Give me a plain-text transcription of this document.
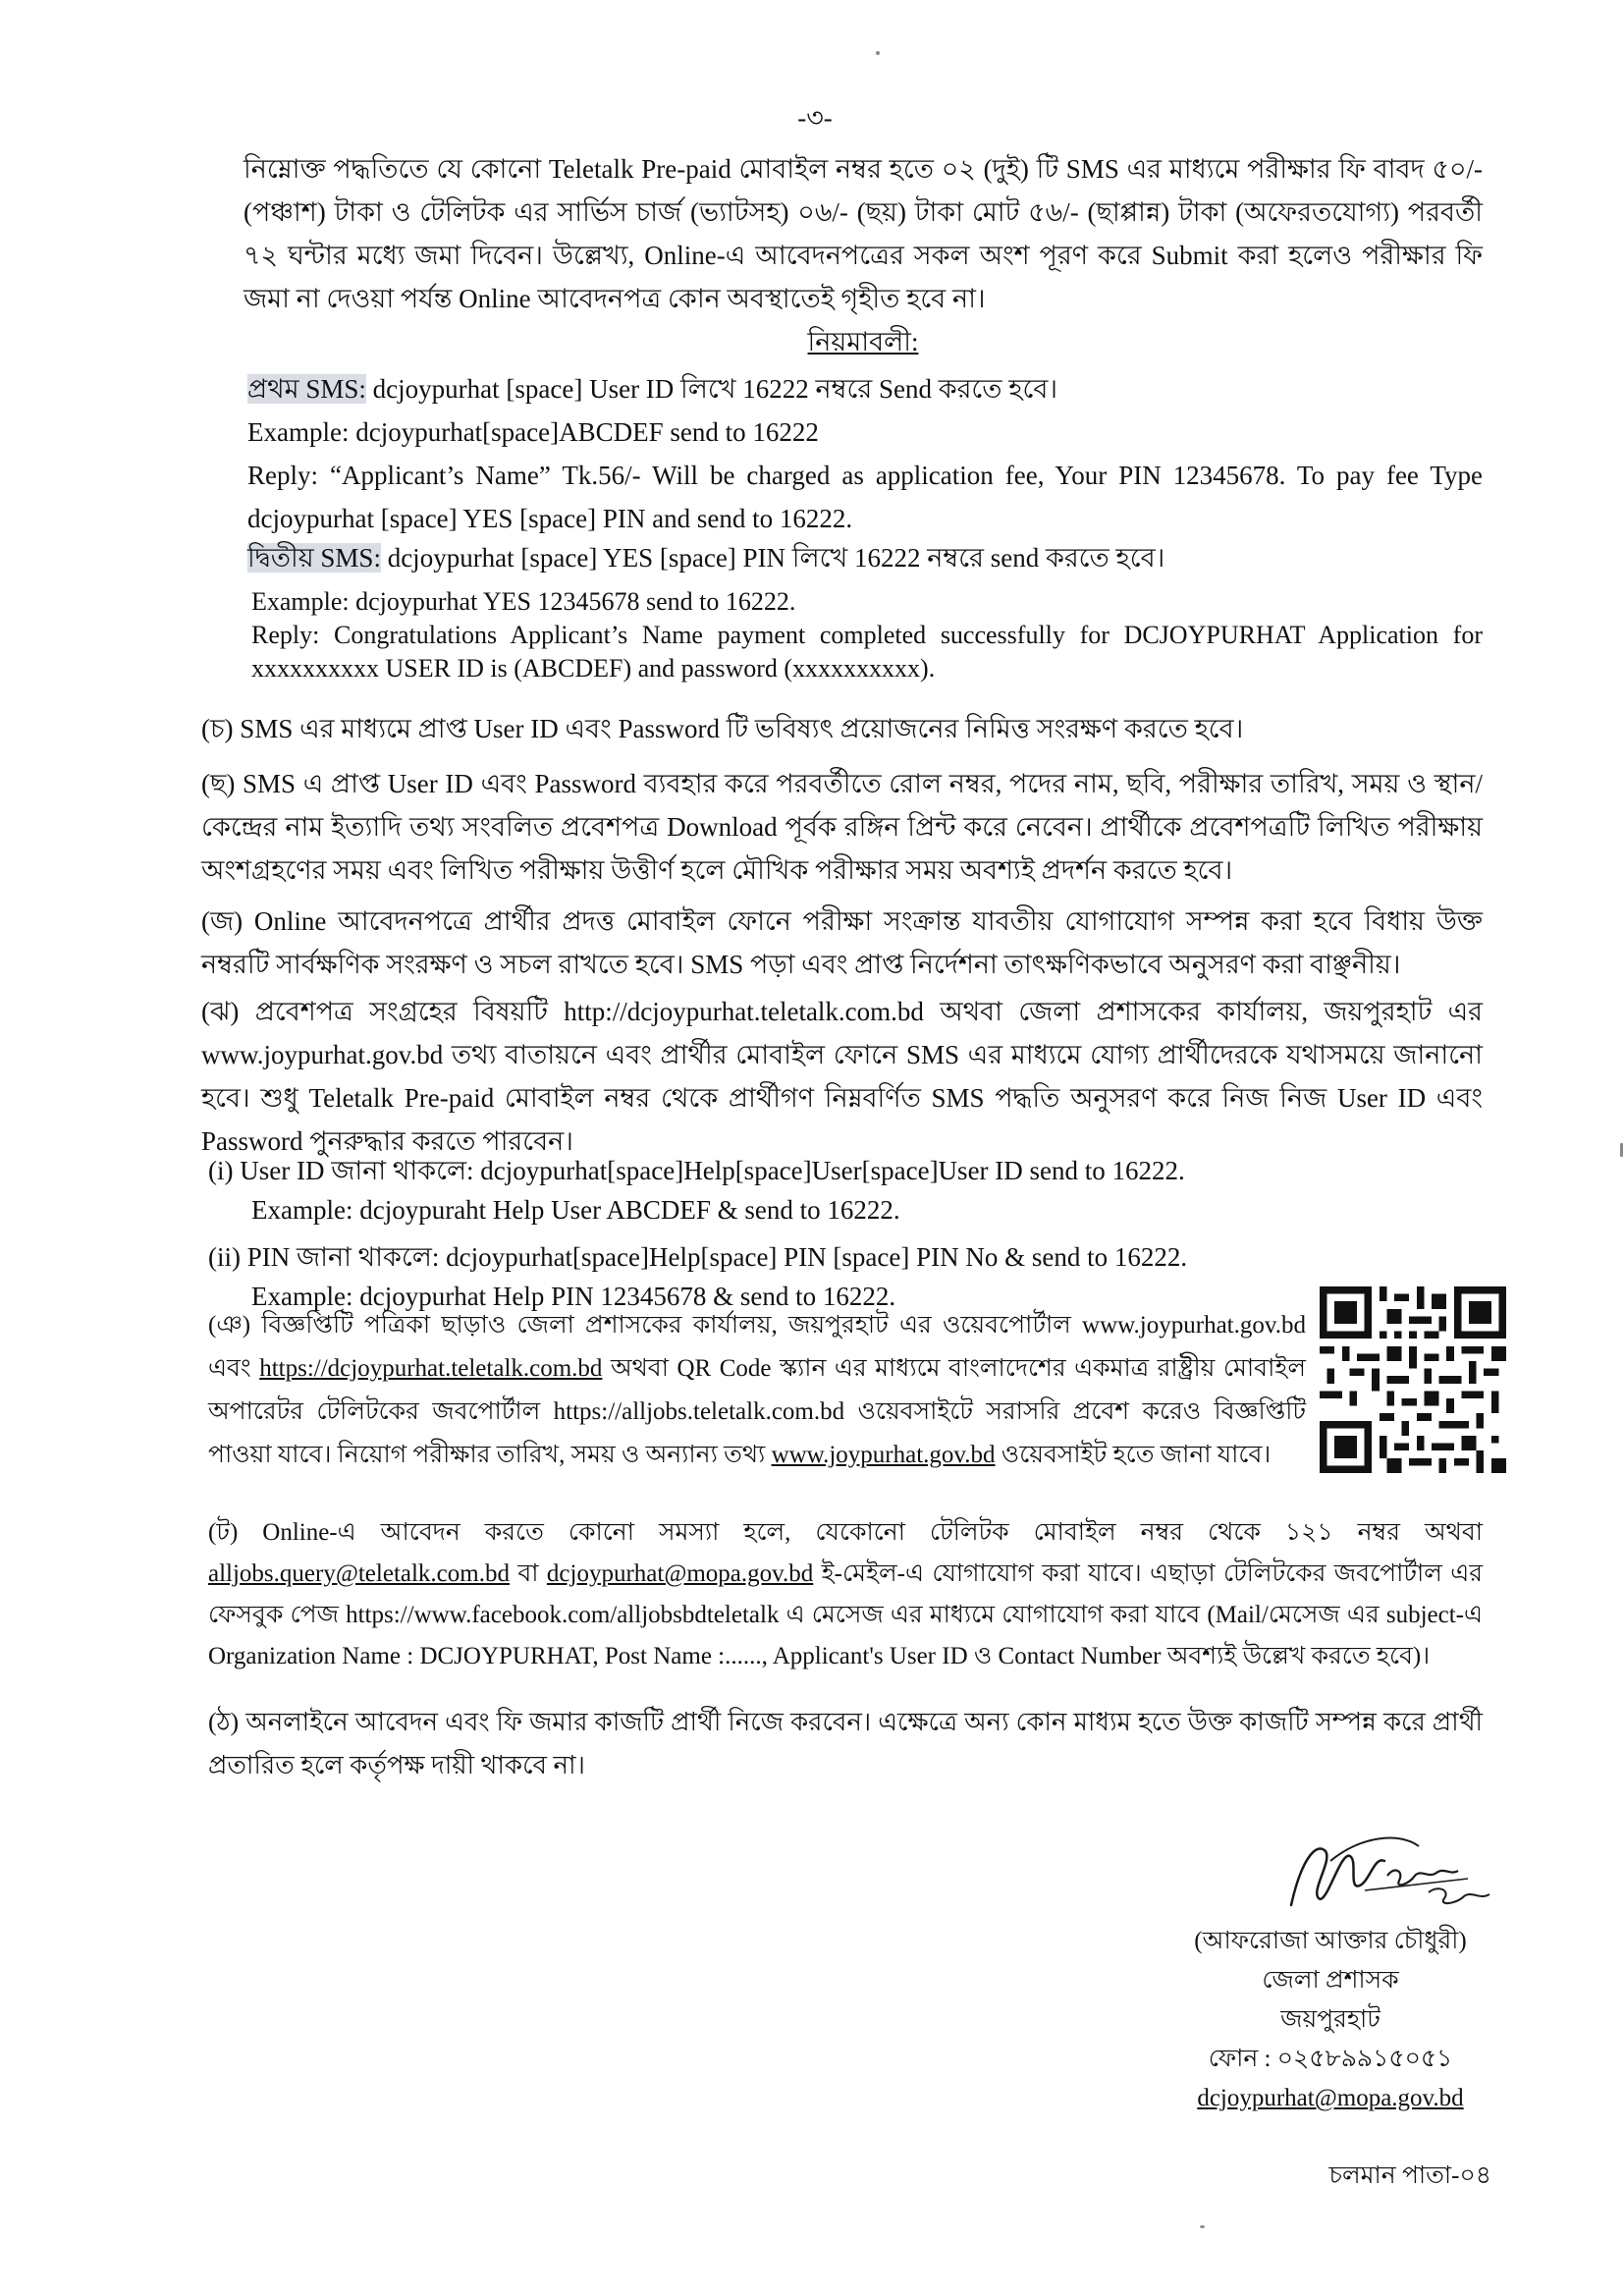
-৩-

নিম্নোক্ত পদ্ধতিতে যে কোনো Teletalk Pre-paid মোবাইল নম্বর হতে ০২ (দুই) টি SMS এর মাধ্যমে পরীক্ষার ফি বাবদ ৫০/-(পঞ্চাশ) টাকা ও টেলিটক এর সার্ভিস চার্জ (ভ্যাটসহ) ০৬/- (ছয়) টাকা মোট ৫৬/- (ছাপ্পান্ন) টাকা (অফেরতযোগ্য) পরবর্তী ৭২ ঘন্টার মধ্যে জমা দিবেন। উল্লেখ্য, Online-এ আবেদনপত্রের সকল অংশ পূরণ করে Submit করা হলেও পরীক্ষার ফি জমা না দেওয়া পর্যন্ত Online আবেদনপত্র কোন অবস্থাতেই গৃহীত হবে না।

নিয়মাবলী:

প্রথম SMS: dcjoypurhat [space] User ID লিখে 16222 নম্বরে Send করতে হবে।

Example: dcjoypurhat[space]ABCDEF send to 16222

Reply: “Applicant’s Name” Tk.56/- Will be charged as application fee, Your PIN 12345678. To pay fee Type dcjoypurhat [space] YES [space] PIN and send to 16222.

দ্বিতীয় SMS: dcjoypurhat [space] YES [space] PIN লিখে 16222 নম্বরে send করতে হবে।

Example: dcjoypurhat YES 12345678 send to 16222.

Reply: Congratulations Applicant’s Name payment completed successfully for DCJOYPURHAT Application for xxxxxxxxxx USER ID is (ABCDEF) and password (xxxxxxxxxx).

(চ) SMS এর মাধ্যমে প্রাপ্ত User ID এবং Password টি ভবিষ্যৎ প্রয়োজনের নিমিত্ত সংরক্ষণ করতে হবে।

(ছ) SMS এ প্রাপ্ত User ID এবং Password ব্যবহার করে পরবর্তীতে রোল নম্বর, পদের নাম, ছবি, পরীক্ষার তারিখ, সময় ও স্থান/কেন্দ্রের নাম ইত্যাদি তথ্য সংবলিত প্রবেশপত্র Download পূর্বক রঙ্গিন প্রিন্ট করে নেবেন। প্রার্থীকে প্রবেশপত্রটি লিখিত পরীক্ষায় অংশগ্রহণের সময় এবং লিখিত পরীক্ষায় উত্তীর্ণ হলে মৌখিক পরীক্ষার সময় অবশ্যই প্রদর্শন করতে হবে।

(জ) Online আবেদনপত্রে প্রার্থীর প্রদত্ত মোবাইল ফোনে পরীক্ষা সংক্রান্ত যাবতীয় যোগাযোগ সম্পন্ন করা হবে বিধায় উক্ত নম্বরটি সার্বক্ষণিক সংরক্ষণ ও সচল রাখতে হবে। SMS পড়া এবং প্রাপ্ত নির্দেশনা তাৎক্ষণিকভাবে অনুসরণ করা বাঞ্ছনীয়।

(ঝ) প্রবেশপত্র সংগ্রহের বিষয়টি http://dcjoypurhat.teletalk.com.bd অথবা জেলা প্রশাসকের কার্যালয়, জয়পুরহাট এর www.joypurhat.gov.bd তথ্য বাতায়নে এবং প্রার্থীর মোবাইল ফোনে SMS এর মাধ্যমে যোগ্য প্রার্থীদেরকে যথাসময়ে জানানো হবে। শুধু Teletalk Pre-paid মোবাইল নম্বর থেকে প্রার্থীগণ নিম্নবর্ণিত SMS পদ্ধতি অনুসরণ করে নিজ নিজ User ID এবং Password পুনরুদ্ধার করতে পারবেন।

(i) User ID জানা থাকলে: dcjoypurhat[space]Help[space]User[space]User ID send to 16222.

Example: dcjoypuraht Help User ABCDEF & send to 16222.

(ii) PIN জানা থাকলে: dcjoypurhat[space]Help[space] PIN [space] PIN No & send to 16222.

Example: dcjoypurhat Help PIN 12345678 & send to 16222.

(ঞ) বিজ্ঞপ্তিটি পত্রিকা ছাড়াও জেলা প্রশাসকের কার্যালয়, জয়পুরহাট এর ওয়েবপোর্টাল www.joypurhat.gov.bd এবং https://dcjoypurhat.teletalk.com.bd অথবা QR Code স্ক্যান এর মাধ্যমে বাংলাদেশের একমাত্র রাষ্ট্রীয় মোবাইল অপারেটর টেলিটকের জবপোর্টাল https://alljobs.teletalk.com.bd ওয়েবসাইটে সরাসরি প্রবেশ করেও বিজ্ঞপ্তিটি পাওয়া যাবে। নিয়োগ পরীক্ষার তারিখ, সময় ও অন্যান্য তথ্য www.joypurhat.gov.bd ওয়েবসাইট হতে জানা যাবে।

(ট) Online-এ আবেদন করতে কোনো সমস্যা হলে, যেকোনো টেলিটক মোবাইল নম্বর থেকে ১২১ নম্বর অথবা alljobs.query@teletalk.com.bd বা dcjoypurhat@mopa.gov.bd ই-মেইল-এ যোগাযোগ করা যাবে। এছাড়া টেলিটকের জবপোর্টাল এর ফেসবুক পেজ https://www.facebook.com/alljobsbdteletalk এ মেসেজ এর মাধ্যমে যোগাযোগ করা যাবে (Mail/মেসেজ এর subject-এ Organization Name : DCJOYPURHAT, Post Name :......, Applicant's User ID ও Contact Number অবশ্যই উল্লেখ করতে হবে)।

(ঠ) অনলাইনে আবেদন এবং ফি জমার কাজটি প্রার্থী নিজে করবেন। এক্ষেত্রে অন্য কোন মাধ্যম হতে উক্ত কাজটি সম্পন্ন করে প্রার্থী প্রতারিত হলে কর্তৃপক্ষ দায়ী থাকবে না।

(আফরোজা আক্তার চৌধুরী)

জেলা প্রশাসক

জয়পুরহাট

ফোন : ০২৫৮৯৯১৫০৫১

dcjoypurhat@mopa.gov.bd

চলমান পাতা-০৪
